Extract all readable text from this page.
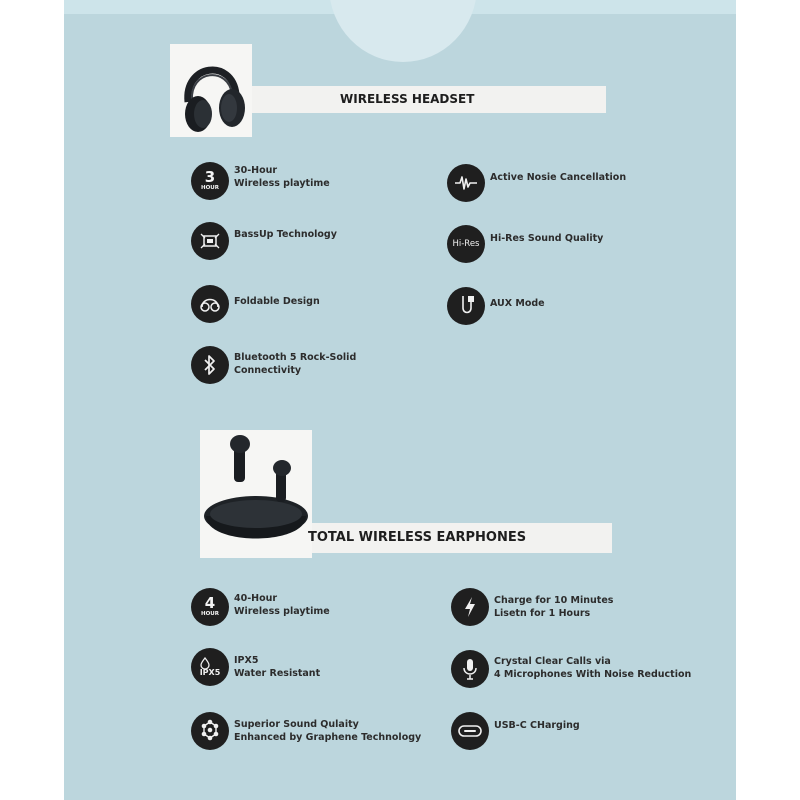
WIRELESS HEADSET
3
HOUR
30-Hour
Wireless playtime
Active Nosie Cancellation
BassUp Technology
Hi-Res Hi-Res Sound Quality
Foldable Design	AUX Mode
Bluetooth 5 Rock-Solid
Connectivity
TOTAL WIRELESS EARPHONES
4
HOUR
40-Hour
Wireless playtime
Charge for 10 Minutes
Lisetn for 1 Hours
IPX5
IPX5
Water Resistant
Crystal Clear Calls via
4 Microphones With Noise Reduction
Superior Sound Qulaity
Enhanced by Graphene Technology
USB-C CHarging
